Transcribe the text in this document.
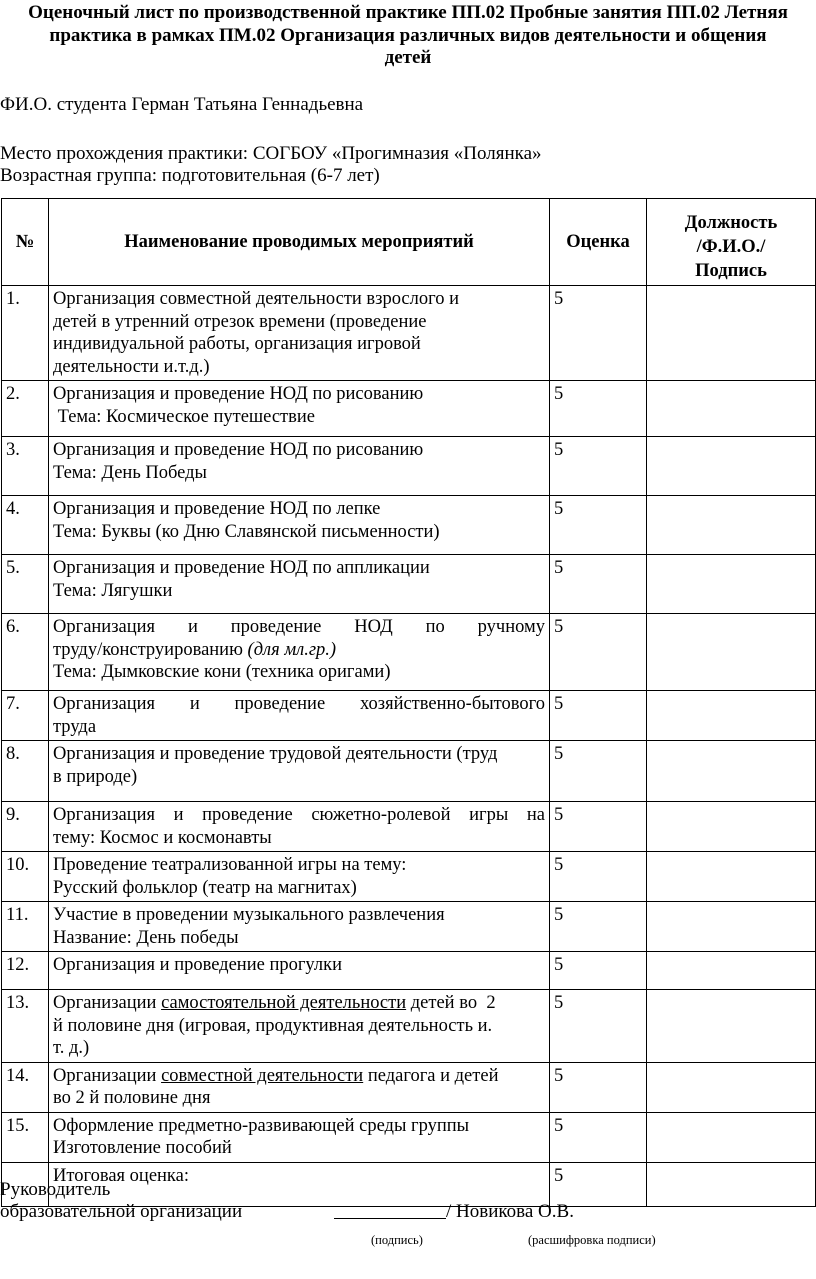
Оценочный лист по производственной практике ПП.02 Пробные занятия ПП.02 Летняя
практика в рамках ПМ.02 Организация различных видов деятельности и общения
детей
ФИ.О. студента Герман Татьяна Геннадьевна
Место прохождения практики: СОГБОУ «Прогимназия «Полянка»
Возрастная группа: подготовительная (6-7 лет)
№	Наименование проводимых мероприятий	Оценка	Должность
/Ф.И.О./
Подпись

1.	Организация совместной деятельности взрослого и
детей в утренний отрезок времени (проведение
индивидуальной работы, организация игровой
деятельности и.т.д.)	5	
2.	Организация и проведение НОД по рисованию
Тема: Космическое путешествие	5	
3.	Организация и проведение НОД по рисованию
Тема: День Победы	5	
4.	Организация и проведение НОД по лепке
Тема: Буквы (ко Дню Славянской письменности)	5	
5.	Организация и проведение НОД по аппликации
Тема: Лягушки	5	
6.	Организация и проведение НОД по ручному
труду/конструированию (для мл.гр.)
Тема: Дымковские кони (техника оригами)	5	
7.	Организация и проведение хозяйственно-бытового
труда	5	
8.	Организация и проведение трудовой деятельности (труд
в природе)	5	
9.	Организация и проведение сюжетно-ролевой игры на
тему: Космос и космонавты	5	
10.	Проведение театрализованной игры на тему:
Русский фольклор (театр на магнитах)	5	
11.	Участие в проведении музыкального развлечения
Название: День победы	5	
12.	Организация и проведение прогулки	5	
13.	Организации самостоятельной деятельности детей во  2
й половине дня (игровая, продуктивная деятельность и.
т. д.)	5	
14.	Организации совместной деятельности педагога и детей
во 2 й половине дня	5	
15.	Оформление предметно-развивающей среды группы
Изготовление пособий	5	
	Итоговая оценка:	5	
Руководитель
образовательной организации	/ Новикова О.В.
(подпись)	(расшифровка подписи)
